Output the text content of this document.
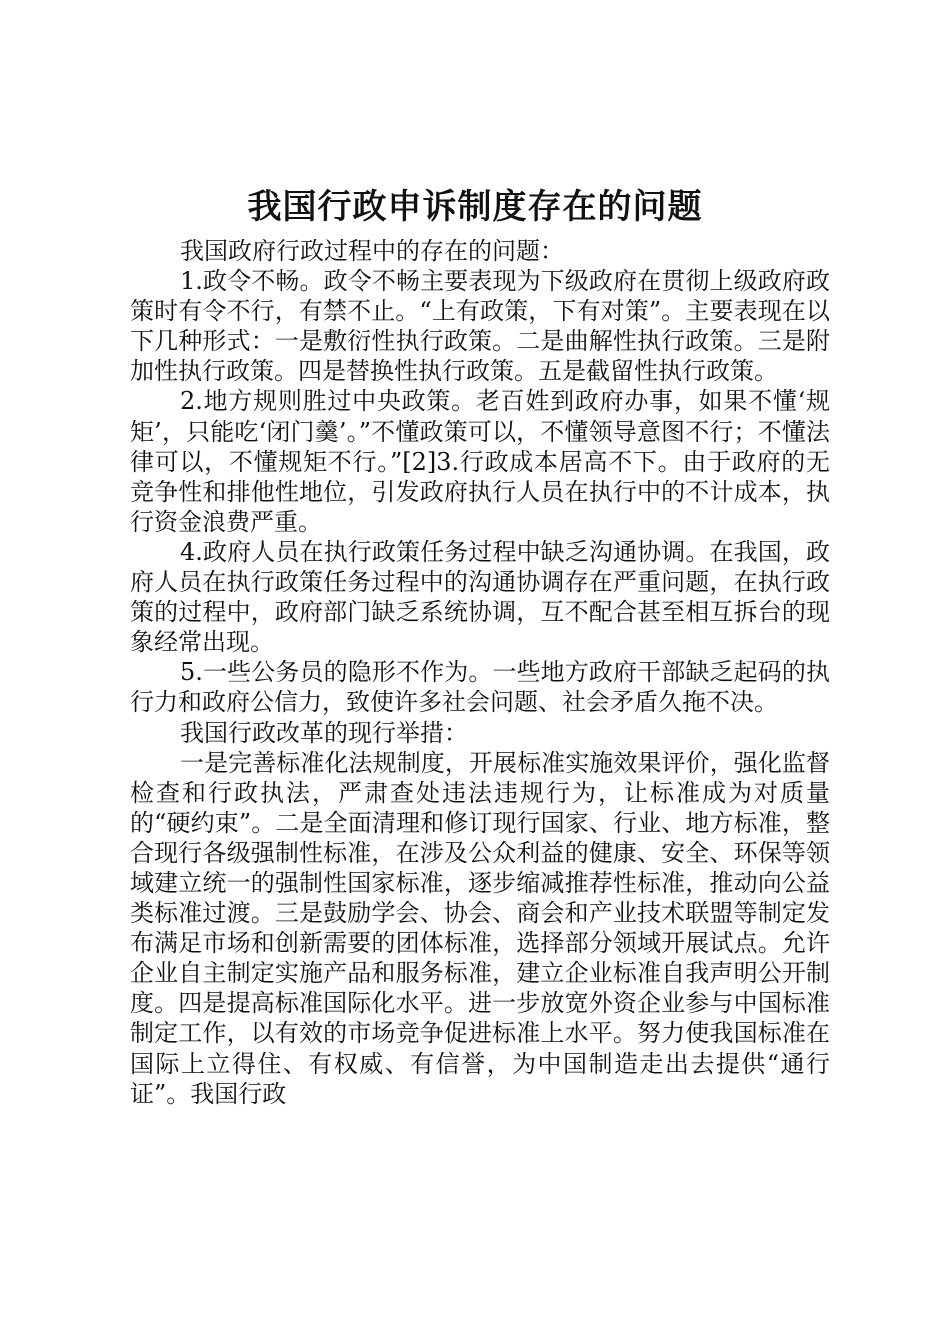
我国行政申诉制度存在的问题

我国政府行政过程中的存在的问题：

1.政令不畅。政令不畅主要表现为下级政府在贯彻上级政府政策时有令不行，有禁不止。“上有政策，下有对策”。主要表现在以下几种形式：一是敷衍性执行政策。二是曲解性执行政策。三是附加性执行政策。四是替换性执行政策。五是截留性执行政策。

2.地方规则胜过中央政策。老百姓到政府办事，如果不懂‘规矩’，只能吃‘闭门羹’。”不懂政策可以，不懂领导意图不行；不懂法律可以，不懂规矩不行。”[2]3.行政成本居高不下。由于政府的无竞争性和排他性地位，引发政府执行人员在执行中的不计成本，执行资金浪费严重。

4.政府人员在执行政策任务过程中缺乏沟通协调。在我国，政府人员在执行政策任务过程中的沟通协调存在严重问题，在执行政策的过程中，政府部门缺乏系统协调，互不配合甚至相互拆台的现象经常出现。

5.一些公务员的隐形不作为。一些地方政府干部缺乏起码的执行力和政府公信力，致使许多社会问题、社会矛盾久拖不决。

我国行政改革的现行举措：

一是完善标准化法规制度，开展标准实施效果评价，强化监督检查和行政执法，严肃查处违法违规行为，让标准成为对质量的“硬约束”。二是全面清理和修订现行国家、行业、地方标准，整合现行各级强制性标准，在涉及公众利益的健康、安全、环保等领域建立统一的强制性国家标准，逐步缩减推荐性标准，推动向公益类标准过渡。三是鼓励学会、协会、商会和产业技术联盟等制定发布满足市场和创新需要的团体标准，选择部分领域开展试点。允许企业自主制定实施产品和服务标准，建立企业标准自我声明公开制度。四是提高标准国际化水平。进一步放宽外资企业参与中国标准制定工作，以有效的市场竞争促进标准上水平。努力使我国标准在国际上立得住、有权威、有信誉，为中国制造走出去提供“通行证”。我国行政
